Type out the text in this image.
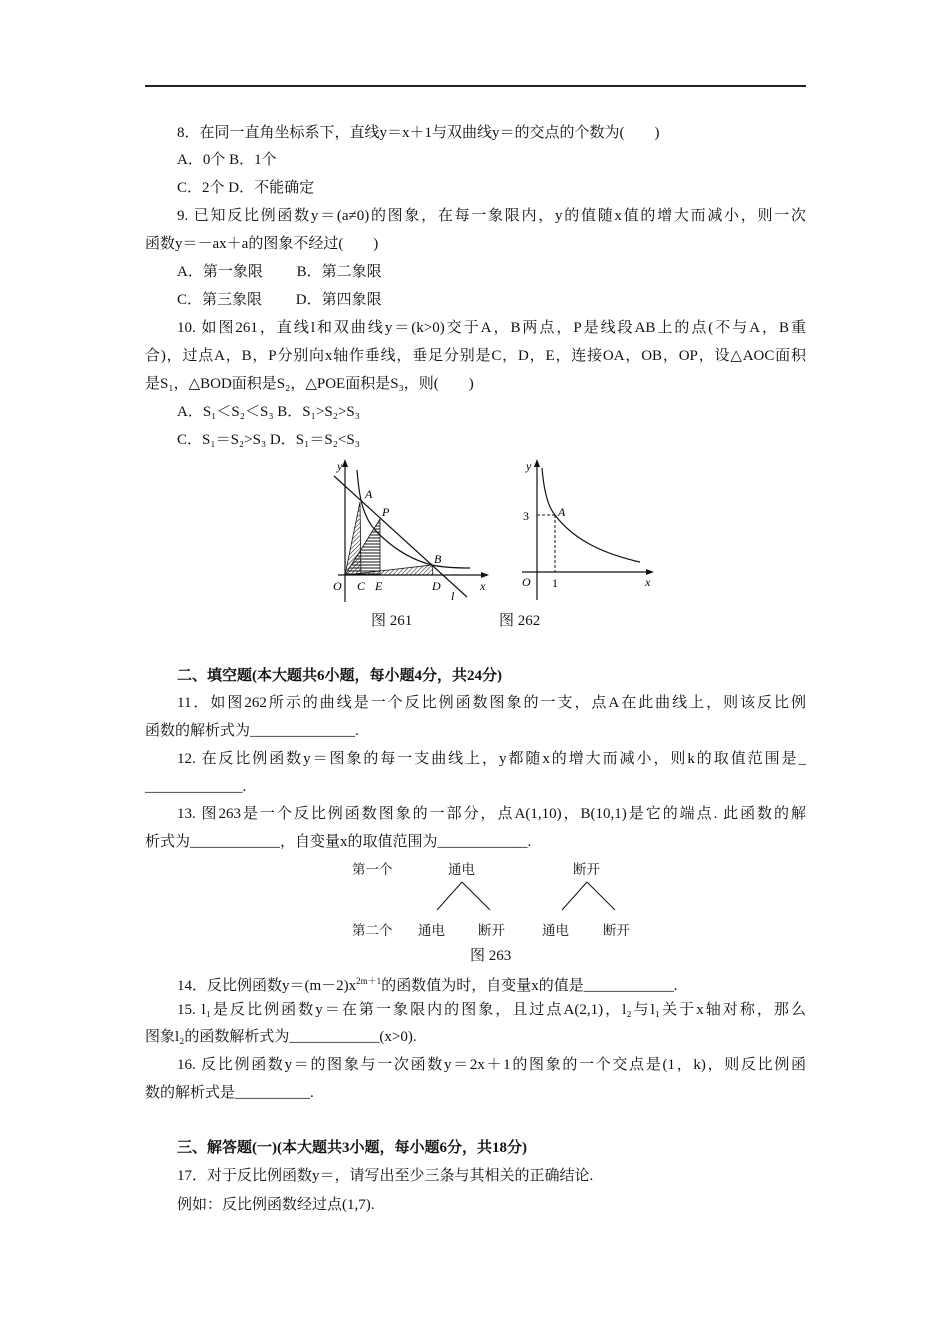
8．在同一直角坐标系下，直线y＝x＋1与双曲线y＝的交点的个数为(　　)
A．0个 B．1个
C．2个 D．不能确定
9. 已知反比例函数y＝(a≠0)的图象，在每一象限内，y的值随x值的增大而减小，则一次
函数y＝－ax＋a的图象不经过(　　)
A．第一象限　　 B．第二象限
C．第三象限　　 D．第四象限
10. 如图261，直线l和双曲线y＝(k>0)交于A，B两点，P是线段AB上的点(不与A，B重
合)，过点A，B，P分别向x轴作垂线，垂足分别是C，D，E，连接OA，OB，OP，设△AOC面积
是S₁，△BOD面积是S₂，△POE面积是S₃，则(　　)
A．S₁＜S₂＜S₃ B．S₁>S₂>S₃
C．S₁＝S₂>S₃ D．S₁＝S₂<S₃
y
x
O
A
P
B
C E	D
l
y
x
O
A
3
1
图 261	图 262
二、填空题(本大题共6小题，每小题4分，共24分)
11．如图262所示的曲线是一个反比例函数图象的一支，点A在此曲线上，则该反比例
函数的解析式为______________.
12. 在反比例函数y＝图象的每一支曲线上，y都随x的增大而减小，则k的取值范围是_
_____________.
13. 图263是一个反比例函数图象的一部分，点A(1,10)，B(10,1)是它的端点. 此函数的解
析式为____________，自变量x的取值范围为____________.
第一个	通电	断开
第二个 通电 断开	通电	断开
图 263
14．反比例函数$y=(m-2)x^{2m+1}$的函数值为时，自变量x的值是____________.
15. l₁是反比例函数y＝在第一象限内的图象，且过点A(2,1)，l₂与l₁关于x轴对称，那么
图象l₂的函数解析式为____________(x>0).
16. 反比例函数y＝的图象与一次函数y＝2x＋1的图象的一个交点是(1，k)，则反比例函
数的解析式是__________.
三、解答题(一)(本大题共3小题，每小题6分，共18分)
17．对于反比例函数y＝，请写出至少三条与其相关的正确结论.
例如：反比例函数经过点(1,7).
